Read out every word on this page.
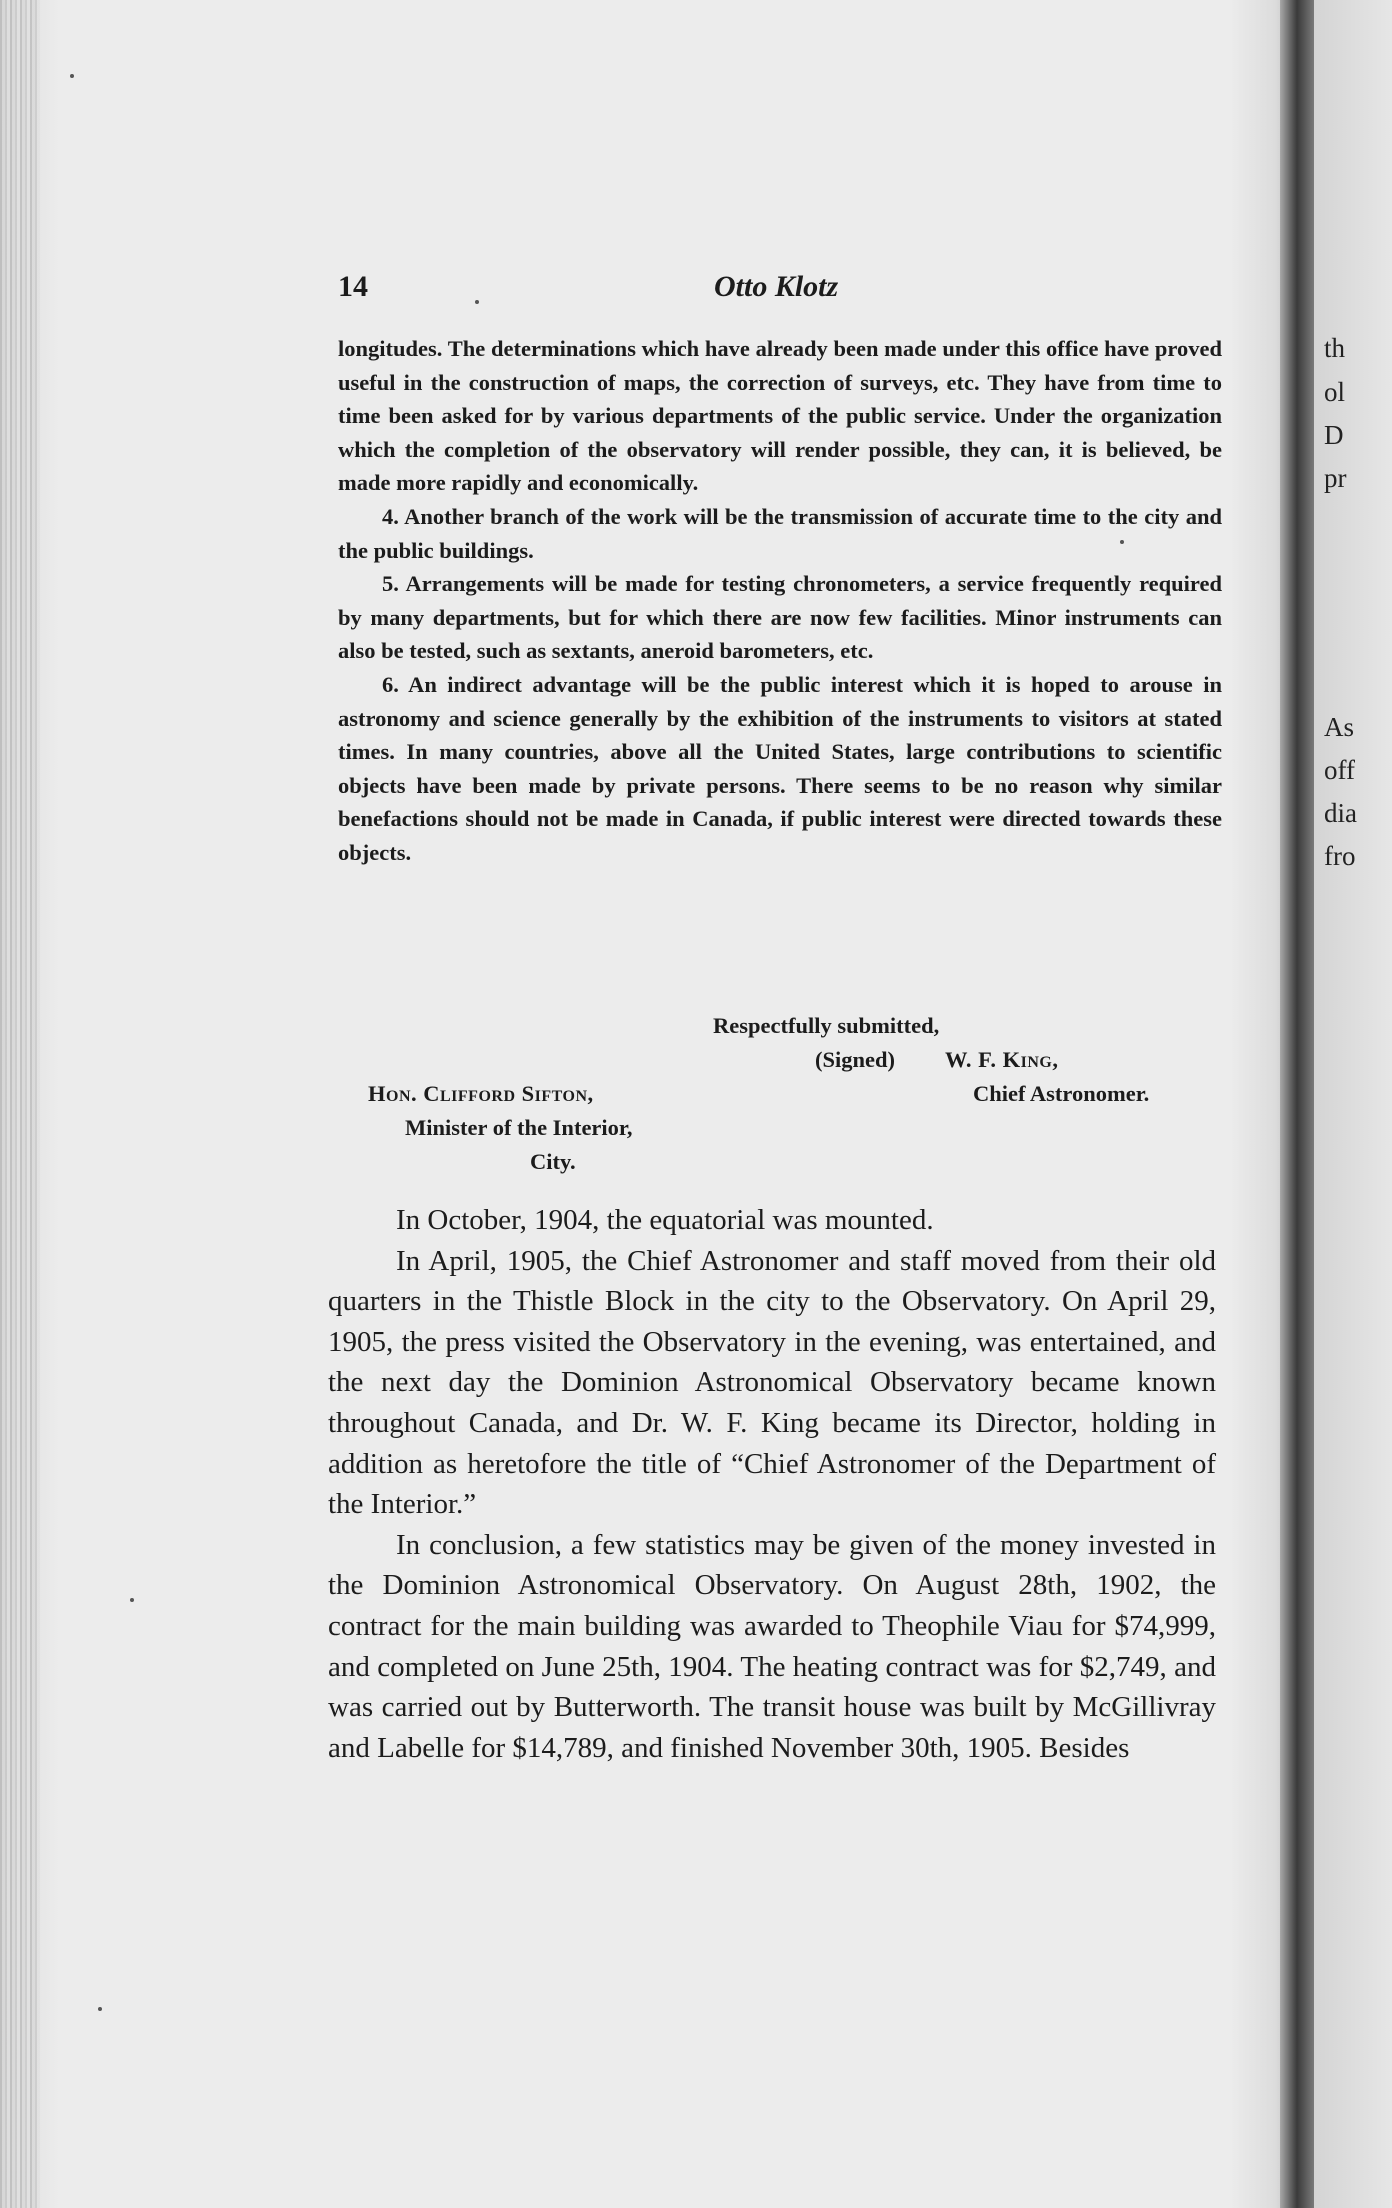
14	Otto Klotz

longitudes. The determinations which have already been made under this office have proved useful in the construction of maps, the correction of surveys, etc. They have from time to time been asked for by various departments of the public service. Under the organization which the completion of the observatory will render possible, they can, it is believed, be made more rapidly and economically.

4. Another branch of the work will be the transmission of accurate time to the city and the public buildings.

5. Arrangements will be made for testing chronometers, a service frequently required by many departments, but for which there are now few facilities. Minor instruments can also be tested, such as sextants, aneroid barometers, etc.

6. An indirect advantage will be the public interest which it is hoped to arouse in astronomy and science generally by the exhibition of the instruments to visitors at stated times. In many countries, above all the United States, large contributions to scientific objects have been made by private persons. There seems to be no reason why similar benefactions should not be made in Canada, if public interest were directed towards these objects.

Respectfully submitted,
(Signed) W. F. King,
Chief Astronomer.
Hon. Clifford Sifton,
Minister of the Interior,
City.

In October, 1904, the equatorial was mounted.

In April, 1905, the Chief Astronomer and staff moved from their old quarters in the Thistle Block in the city to the Observatory. On April 29, 1905, the press visited the Observatory in the evening, was entertained, and the next day the Dominion Astronomical Observatory became known throughout Canada, and Dr. W. F. King became its Director, holding in addition as heretofore the title of “Chief Astronomer of the Department of the Interior.”

In conclusion, a few statistics may be given of the money invested in the Dominion Astronomical Observatory. On August 28th, 1902, the contract for the main building was awarded to Theophile Viau for $74,999, and completed on June 25th, 1904. The heating contract was for $2,749, and was carried out by Butterworth. The transit house was built by McGillivray and Labelle for $14,789, and finished November 30th, 1905. Besides

th
ol
D
pr
As
off
dia
fro
